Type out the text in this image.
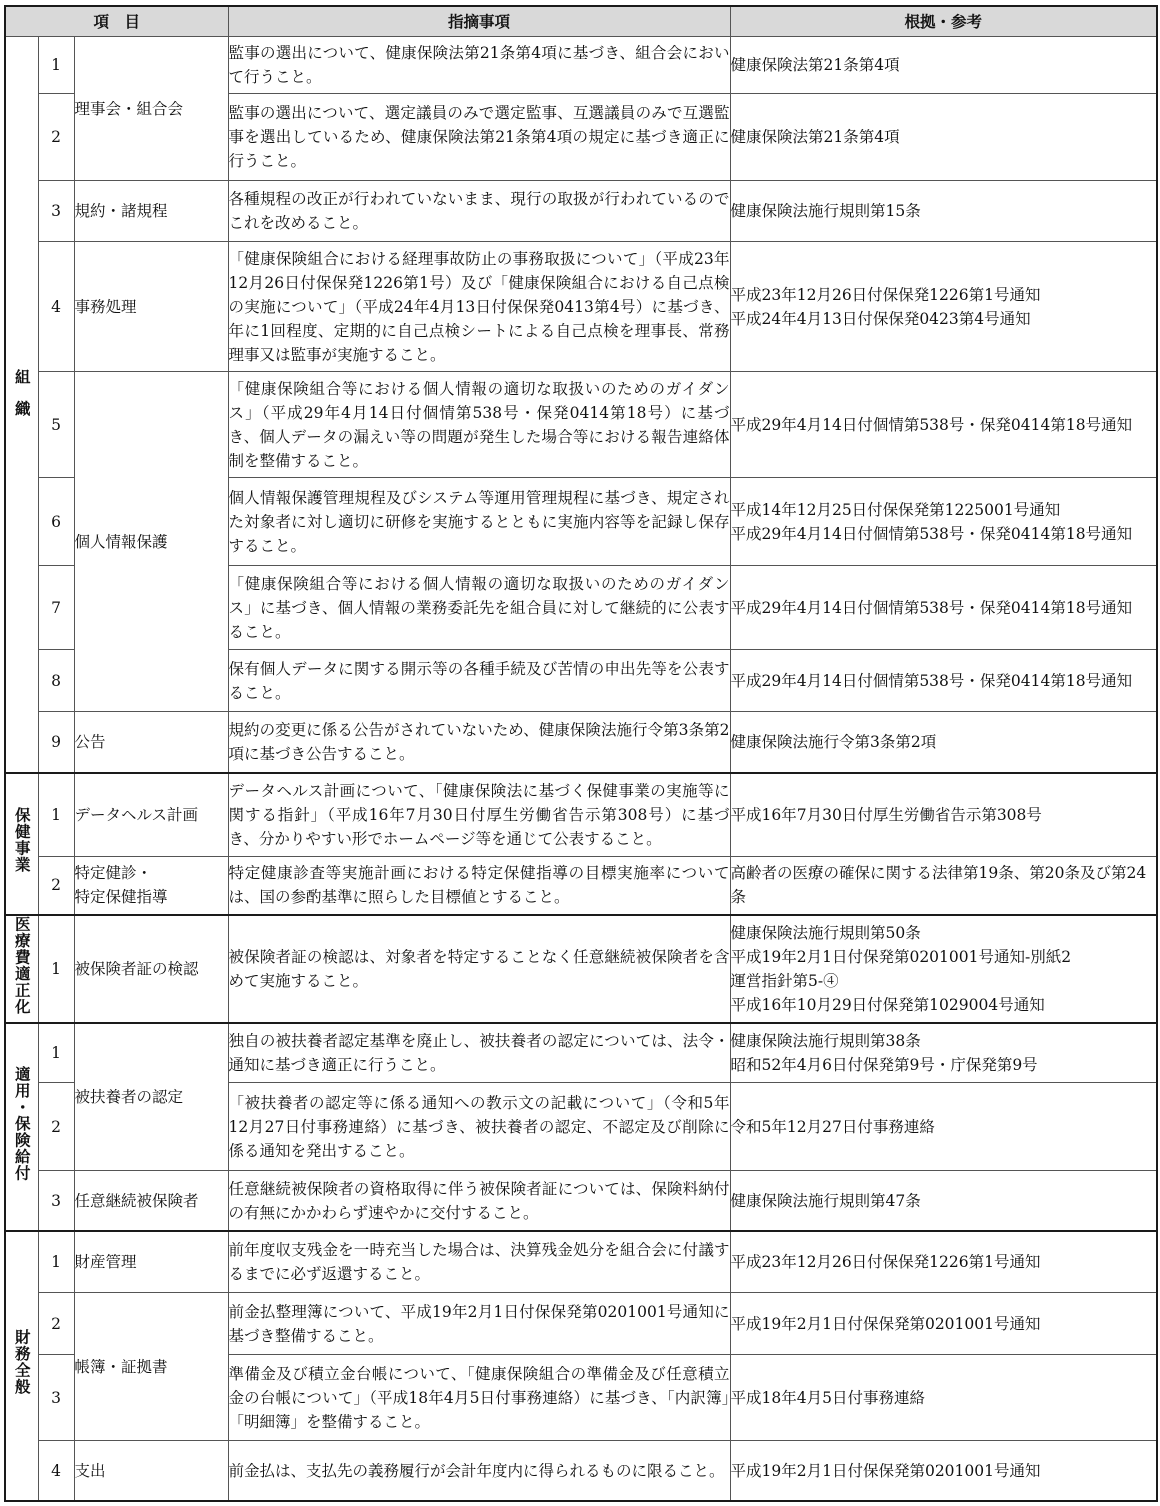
項　目			指摘事項	根拠・参考
組織	1	理事会・組合会	監事の選出について、健康保険法第21条第4項に基づき、組合会において行うこと。	健康保険法第21条第4項

	2		監事の選出について、選定議員のみで選定監事、互選議員のみで互選監事を選出しているため、健康保険法第21条第4項の規定に基づき適正に行うこと。	健康保険法第21条第4項

	3	規約・諸規程	各種規程の改正が行われていないまま、現行の取扱が行われているのでこれを改めること。	健康保険法施行規則第15条

	4	事務処理	「健康保険組合における経理事故防止の事務取扱について」（平成23年12月26日付保保発1226第1号）及び「健康保険組合における自己点検の実施について」（平成24年4月13日付保保発0413第4号）に基づき、年に1回程度、定期的に自己点検シートによる自己点検を理事長、常務理事又は監事が実施すること。	平成23年12月26日付保保発1226第1号通知
平成24年4月13日付保保発0423第4号通知

	5	個人情報保護	「健康保険組合等における個人情報の適切な取扱いのためのガイダンス」（平成29年4月14日付個情第538号・保発0414第18号）に基づき、個人データの漏えい等の問題が発生した場合等における報告連絡体制を整備すること。	平成29年4月14日付個情第538号・保発0414第18号通知

	6		個人情報保護管理規程及びシステム等運用管理規程に基づき、規定された対象者に対し適切に研修を実施するとともに実施内容等を記録し保存すること。	平成14年12月25日付保保発第1225001号通知
平成29年4月14日付個情第538号・保発0414第18号通知

	7		「健康保険組合等における個人情報の適切な取扱いのためのガイダンス」に基づき、個人情報の業務委託先を組合員に対して継続的に公表すること。	平成29年4月14日付個情第538号・保発0414第18号通知

	8		保有個人データに関する開示等の各種手続及び苦情の申出先等を公表すること。	平成29年4月14日付個情第538号・保発0414第18号通知

	9	公告	規約の変更に係る公告がされていないため、健康保険法施行令第3条第2項に基づき公告すること。	健康保険法施行令第3条第2項

保健事業	1	データヘルス計画	データヘルス計画について、「健康保険法に基づく保健事業の実施等に関する指針」（平成16年7月30日付厚生労働省告示第308号）に基づき、分かりやすい形でホームページ等を通じて公表すること。	平成16年7月30日付厚生労働省告示第308号

	2	特定健診・
特定保健指導	特定健康診査等実施計画における特定保健指導の目標実施率については、国の参酌基準に照らした目標値とすること。	高齢者の医療の確保に関する法律第19条、第20条及び第24条

医療費適正化	1	被保険者証の検認	被保険者証の検認は、対象者を特定することなく任意継続被保険者を含めて実施すること。	健康保険法施行規則第50条
平成19年2月1日付保発第0201001号通知-別紙2
運営指針第5-④
平成16年10月29日付保発第1029004号通知

適用・保険給付	1	被扶養者の認定	独自の被扶養者認定基準を廃止し、被扶養者の認定については、法令・通知に基づき適正に行うこと。	健康保険法施行規則第38条
昭和52年4月6日付保発第9号・庁保発第9号

	2		「被扶養者の認定等に係る通知への教示文の記載について」（令和5年12月27日付事務連絡）に基づき、被扶養者の認定、不認定及び削除に係る通知を発出すること。	令和5年12月27日付事務連絡

	3	任意継続被保険者	任意継続被保険者の資格取得に伴う被保険者証については、保険料納付の有無にかかわらず速やかに交付すること。	健康保険法施行規則第47条

財務全般	1	財産管理	前年度収支残金を一時充当した場合は、決算残金処分を組合会に付議するまでに必ず返還すること。	平成23年12月26日付保保発1226第1号通知

	2	帳簿・証拠書	前金払整理簿について、平成19年2月1日付保保発第0201001号通知に基づき整備すること。	平成19年2月1日付保保発第0201001号通知

	3		準備金及び積立金台帳について、「健康保険組合の準備金及び任意積立金の台帳について」（平成18年4月5日付事務連絡）に基づき、「内訳簿」「明細簿」を整備すること。	平成18年4月5日付事務連絡

	4	支出	前金払は、支払先の義務履行が会計年度内に得られるものに限ること。	平成19年2月1日付保保発第0201001号通知
